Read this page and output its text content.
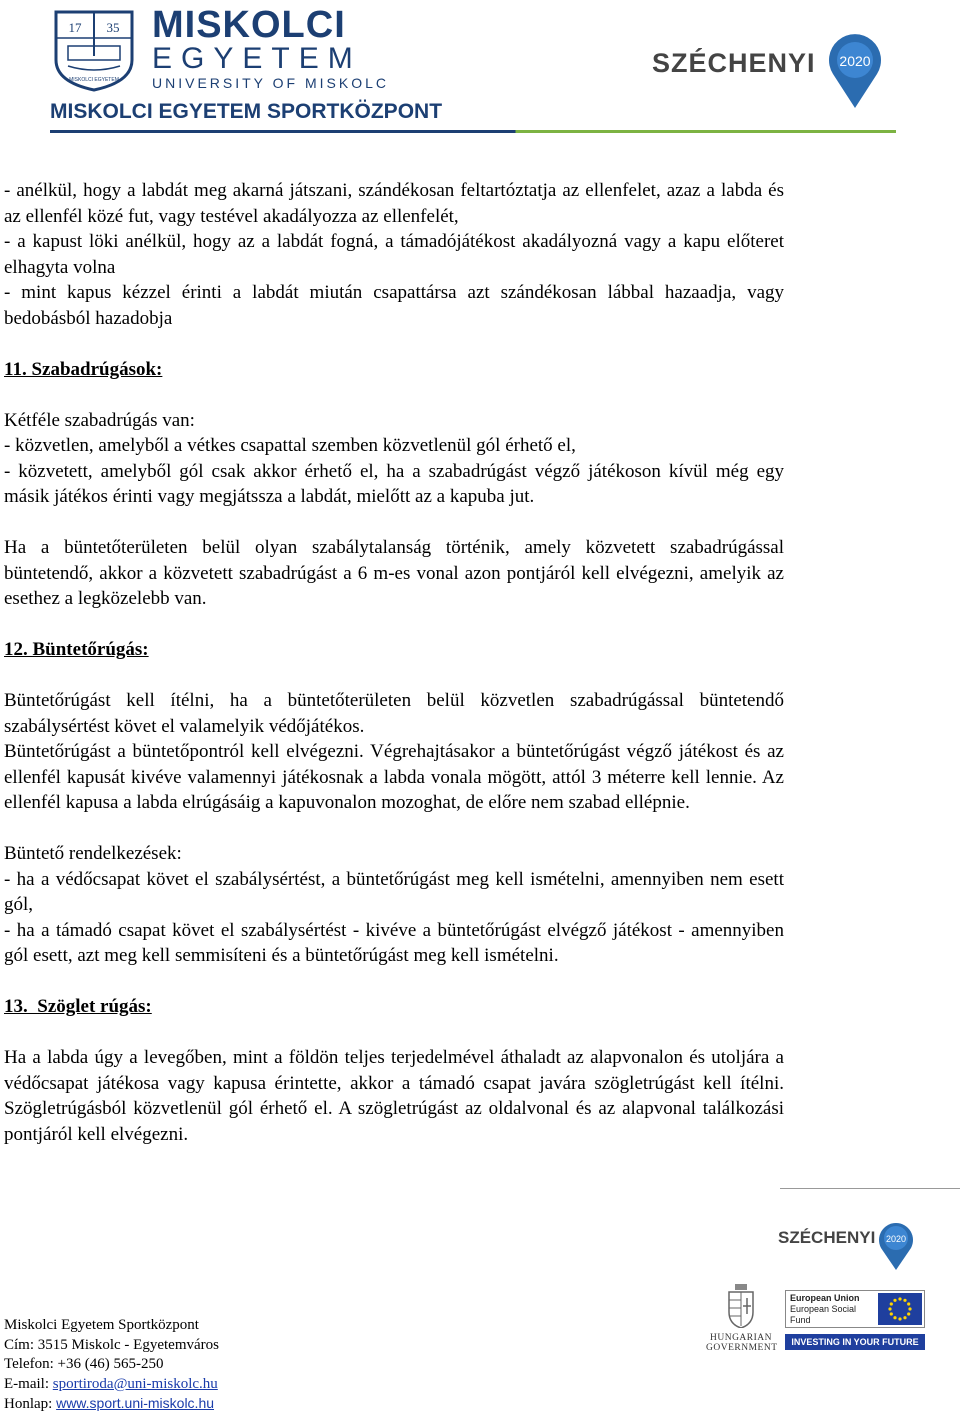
17 35
MISKOLCI EGYETEM
MISKOLCI
EGYETEM
UNIVERSITY OF MISKOLC
MISKOLCI EGYETEM SPORTKÖZPONT
SZÉCHENYI 2020

- anélkül, hogy a labdát meg akarná játszani, szándékosan feltartóztatja az ellenfelet, azaz a labda és az ellenfél közé fut, vagy testével akadályozza az ellenfelét,

- a kapust löki anélkül, hogy az a labdát fogná, a támadójátékost akadályozná vagy a kapu előteret elhagyta volna

- mint kapus kézzel érinti a labdát miután csapattársa azt szándékosan lábbal hazaadja, vagy bedobásból hazadobja

11. Szabadrúgások:

Kétféle szabadrúgás van:

- közvetlen, amelyből a vétkes csapattal szemben közvetlenül gól érhető el,

- közvetett, amelyből gól csak akkor érhető el, ha a szabadrúgást végző játékoson kívül még egy másik játékos érinti vagy megjátssza a labdát, mielőtt az a kapuba jut.

Ha a büntetőterületen belül olyan szabálytalanság történik, amely közvetett szabadrúgással büntetendő, akkor a közvetett szabadrúgást a 6 m-es vonal azon pontjáról kell elvégezni, amelyik az esethez a legközelebb van.

12. Büntetőrúgás:

Büntetőrúgást kell ítélni, ha a büntetőterületen belül közvetlen szabadrúgással büntetendő szabálysértést követ el valamelyik védőjátékos.

Büntetőrúgást a büntetőpontról kell elvégezni. Végrehajtásakor a büntetőrúgást végző játékost és az ellenfél kapusát kivéve valamennyi játékosnak a labda vonala mögött, attól 3 méterre kell lennie. Az ellenfél kapusa a labda elrúgásáig a kapuvonalon mozoghat, de előre nem szabad ellépnie.

Büntető rendelkezések:

- ha a védőcsapat követ el szabálysértést, a büntetőrúgást meg kell ismételni, amennyiben nem esett gól,

- ha a támadó csapat követ el szabálysértést - kivéve a büntetőrúgást elvégző játékost - amennyiben gól esett, azt meg kell semmisíteni és a büntetőrúgást meg kell ismételni.

13.  Szöglet rúgás:

Ha a labda úgy a levegőben, mint a földön teljes terjedelmével áthaladt az alapvonalon és utoljára a védőcsapat játékosa vagy kapusa érintette, akkor a támadó csapat javára szögletrúgást kell ítélni. Szögletrúgásból közvetlenül gól érhető el. A szögletrúgást az oldalvonal és az alapvonal találkozási pontjáról kell elvégezni.

SZÉCHENYI 2020
HUNGARIAN
GOVERNMENT
European Union
European Social
Fund
INVESTING IN YOUR FUTURE
Miskolci Egyetem Sportközpont
Cím: 3515 Miskolc - Egyetemváros
Telefon: +36 (46) 565-250
E-mail: sportiroda@uni-miskolc.hu
Honlap: www.sport.uni-miskolc.hu
